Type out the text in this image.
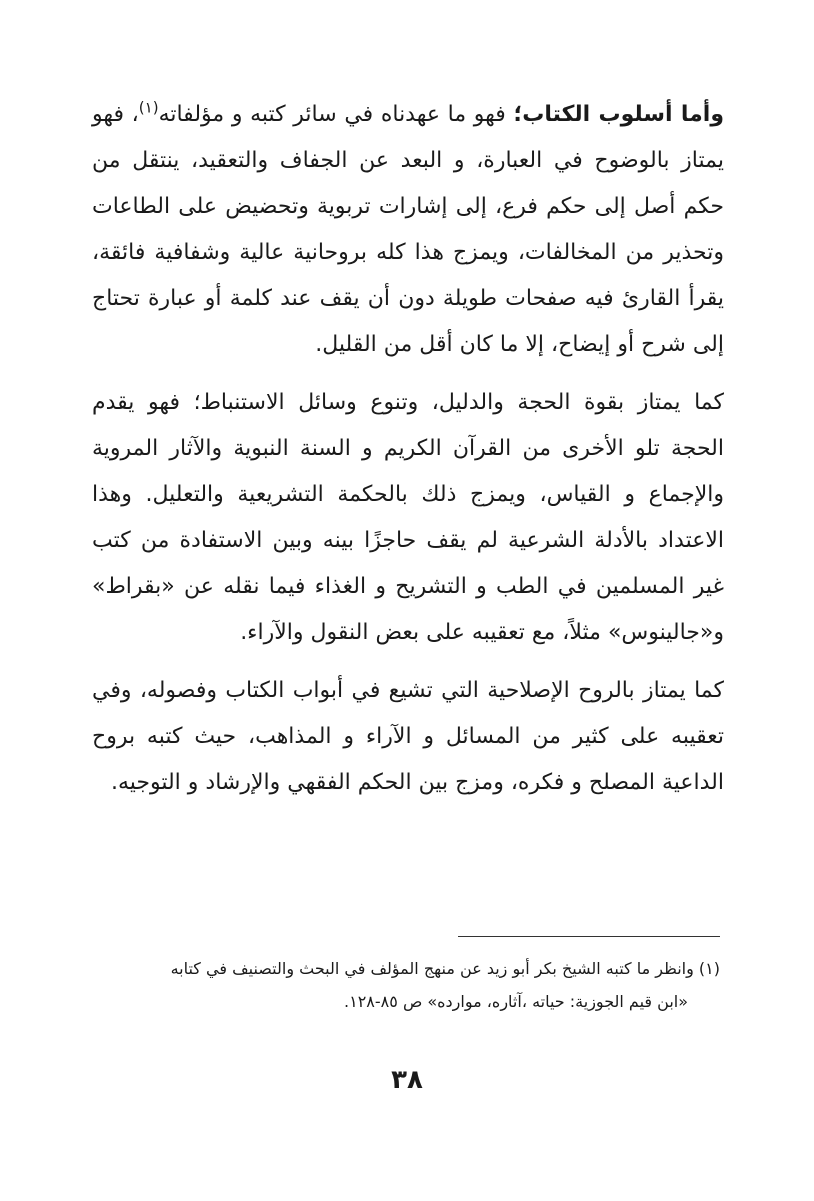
وأما أسلوب الكتاب؛ فهو ما عهدناه في سائر كتبه و مؤلفاته$^{(١)}$، فهو يمتاز بالوضوح في العبارة، و البعد عن الجفاف والتعقيد، ينتقل من حكم أصل إلى حكم فرع، إلى إشارات تربوية وتحضيض على الطاعات وتحذير من المخالفات، ويمزج هذا كله بروحانية عالية وشفافية فائقة، يقرأ القارئ فيه صفحات طويلة دون أن يقف عند كلمة أو عبارة تحتاج إلى شرح أو إيضاح، إلا ما كان أقل من القليل.

كما يمتاز بقوة الحجة والدليل، وتنوع وسائل الاستنباط؛ فهو يقدم الحجة تلو الأخرى من القرآن الكريم و السنة النبوية والآثار المروية والإجماع و القياس، ويمزج ذلك بالحكمة التشريعية والتعليل. وهذا الاعتداد بالأدلة الشرعية لم يقف حاجزًا بينه وبين الاستفادة من كتب غير المسلمين في الطب و التشريح و الغذاء فيما نقله عن «بقراط» و«جالينوس» مثلاً، مع تعقيبه على بعض النقول والآراء.

كما يمتاز بالروح الإصلاحية التي تشيع في أبواب الكتاب وفصوله، وفي تعقيبه على كثير من المسائل و الآراء و المذاهب، حيث كتبه بروح الداعية المصلح و فكره، ومزج بين الحكم الفقهي والإرشاد و التوجيه.

(١) وانظر ما كتبه الشيخ بكر أبو زيد عن منهج المؤلف في البحث والتصنيف في كتابه
«ابن قيم الجوزية: حياته ،آثاره، موارده» ص ٨٥-١٢٨.
٣٨
